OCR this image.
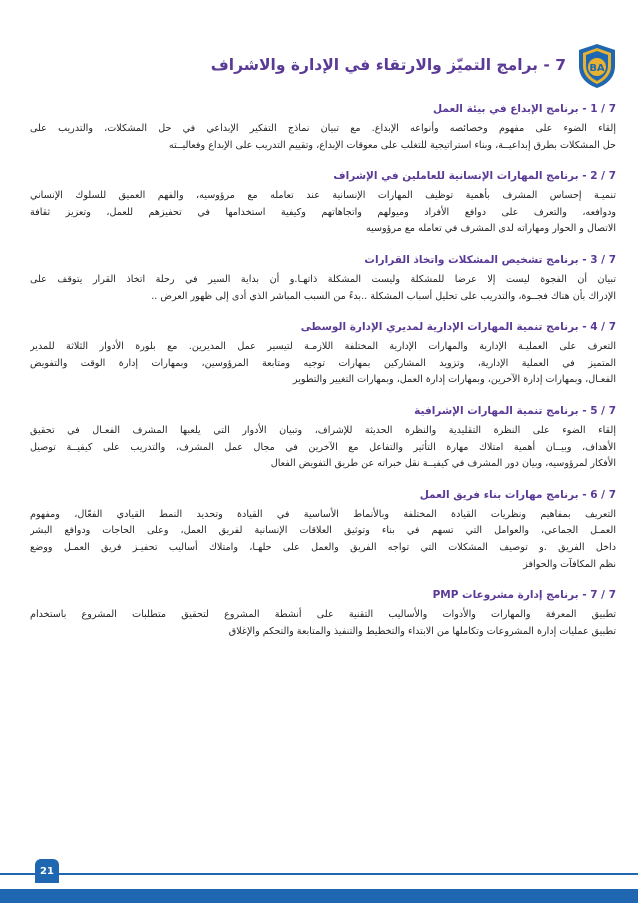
BA
7 - برامج التميّز والارتقاء في الإدارة والاشراف
7 / 1 - برنامج الإبداع في بيئة العمل
إلقاء الضوء على مفهوم وخصائصه وأنواعه الإبداع. مع تبيان نماذج التفكير الإبداعي في حل المشكلات، والتدريب على
حل المشكلات بطرق إبداعيــة، وبناء استراتيجية للتغلب على معوقات الإبداع، وتقييم التدريب على الإبداع وفعاليــته
7 / 2 - برنامج المهارات الإنسانية للعاملين في الإشراف
تنميـة إحساس المشرف بأهمية توظيف المهارات الإنسانية عند تعامله مع مرؤوسيه، والفهم العميق للسلوك الإنساني
ودوافعه، والتعرف على دوافع الأفراد وميولهم واتجاهاتهم وكيفية استخدامها في تحفيزهم للعمل، وتعزيز ثقافة
الاتصال و الحوار ومهاراته لدى المشرف في تعامله مع مرؤوسيه
7 / 3 - برنامج تشخيص المشكلات واتخاذ القرارات
تبيان أن الفجوة ليست إلا عرضا للمشكلة وليست المشكلة ذاتهـا.و أن بداية السير في رحلة اتخاذ القرار يتوقف على
الإدراك بأن هناك فجــوة، والتدريب على تحليل أسباب المشكلة ..بدءً من السبب المباشر الذي أدى إلى ظهور العرض ..
7 / 4 - برنامج تنمية المهارات الإدارية لمديري الإدارة الوسطى
التعرف على العمليـة الإدارية والمهارات الإدارية المختلفة اللازمـة لتيسير عمل المديرين. مع بلورة الأدوار الثلاثة للمدير
المتميز في العملية الإدارية، وتزويد المشاركين بمهارات توجيه ومتابعة المرؤوسين، وبمهارات إدارة الوقت والتفويض
الفعـال، وبمهارات إدارة الآخرين، وبمهارات إدارة العمل، وبمهارات التغيير والتطوير
7 / 5 - برنامج تنمية المهارات الإشرافية
إلقاء الضوء على النظرة التقليدية والنظرة الحديثة للإشراف، وتبيان الأدوار التي يلعبها المشرف الفعـال في تحقيق
الأهداف، وبيــان أهمية امتلاك مهارة التأثير والتفاعل مع الآخرين في مجال عمل المشرف، والتدريب على كيفيــة توصيل
الأفكار لمرؤوسيه، وبيان دور المشرف في كيفيــة نقل خبراته عن طريق التفويض الفعال
7 / 6 - برنامج مهارات بناء فريق العمل
التعريف بمفاهيم ونظريات القيادة المختلفة وبالأنماط الأساسية في القيادة وتحديد النمط القيادي الفعّال، ومفهوم
العمـل الجماعي، والعوامل التي تسهم في بناء وتوثيق العلاقات الإنسانية لفريق العمل، وعلى الحاجات ودوافع البشر
داخل الفريق .و توصيف المشكلات التي تواجه الفريق والعمل على حلهـا، وامتلاك أساليب تحفيـز فريق العمـل ووضع
نظم المكافآت والحوافز
7 / 7 - برنامج إدارة مشروعات PMP
تطبيق المعرفة والمهارات والأدوات والأساليب التقنية على أنشطة المشروع لتحقيق متطلبات المشروع باستخدام
تطبيق عمليات إدارة المشروعات وتكاملها من الابتداء والتخطيط والتنفيذ والمتابعة والتحكم والإغلاق
21
